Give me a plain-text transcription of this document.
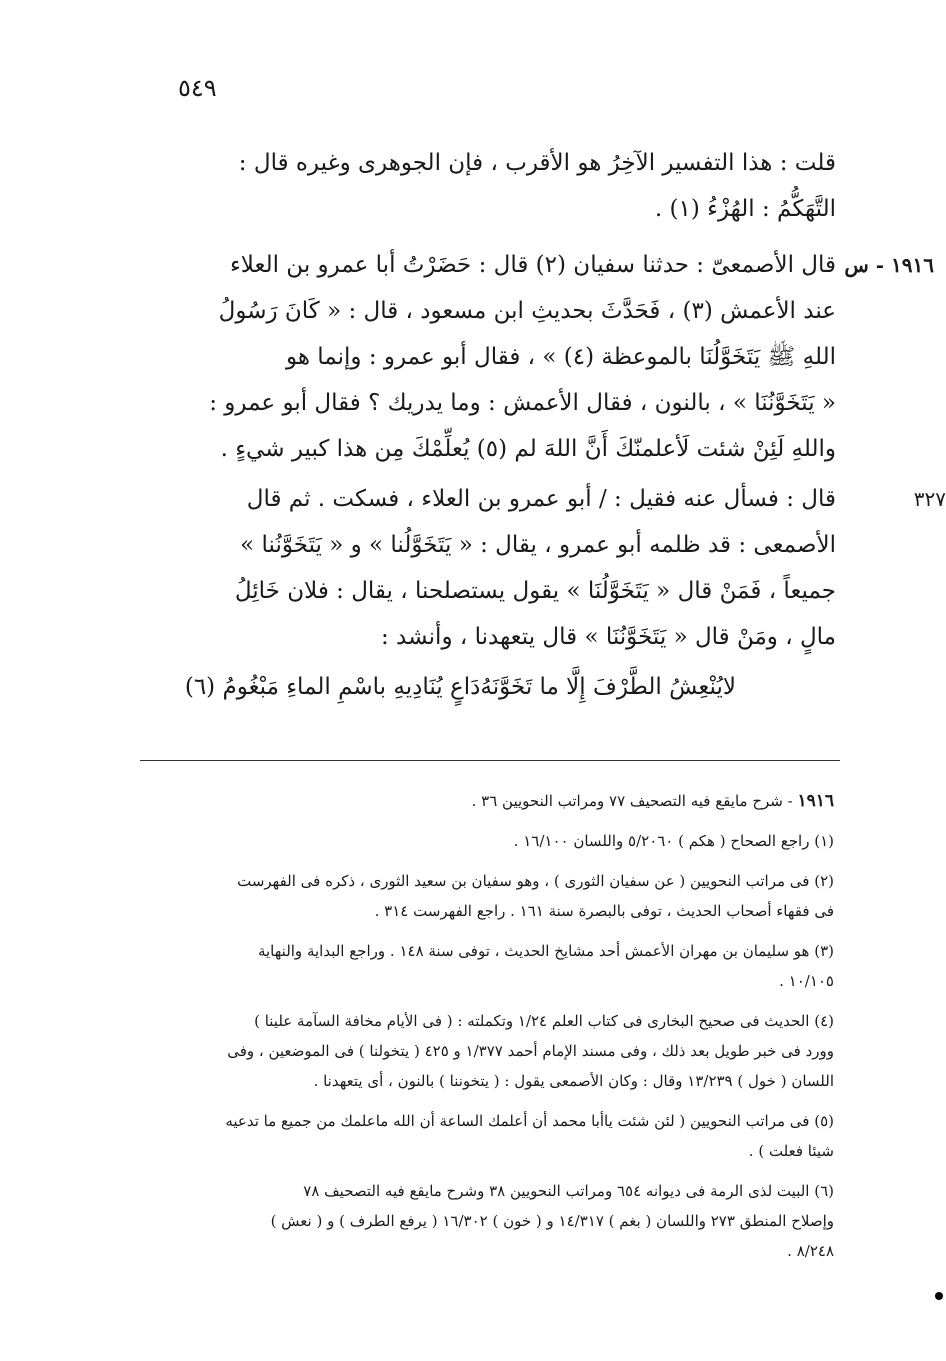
٥٤٩
قلت : هذا التفسير الآخِرُ هو الأقرب ، فإن الجوهرى وغيره قال :
التَّهَكُّمُ : الهُزْءُ (١) .
١٩١٦ - س
قال الأصمعىّ : حدثنا سفيان (٢) قال : حَضَرْتُ أبا عمرو بن العلاء
عند الأعمش (٣) ، فَحَدَّثَ بحديثِ ابن مسعود ، قال : « كَانَ رَسُولُ
اللهِ ﷺ يَتَخَوَّلُنَا بالموعظة (٤) » ، فقال أبو عمرو : وإنما هو
« يَتَخَوَّنُنَا » ، بالنون ، فقال الأعمش : وما يدريك ؟ فقال أبو عمرو :
واللهِ لَئِنْ شئت لَأعلمنّكَ أَنَّ اللهَ لم (٥) يُعلِّمْكَ مِن هذا كبير شيءٍ .
٣٢٧
قال : فسأل عنه فقيل : / أبو عمرو بن العلاء ، فسكت . ثم قال
الأصمعى : قد ظلمه أبو عمرو ، يقال : « يَتَخَوَّلُنا » و « يَتَخَوَّنُنا »
جميعاً ، فَمَنْ قال « يَتَخَوَّلُنَا » يقول يستصلحنا ، يقال : فلان خَائِلُ
مالٍ ، ومَنْ قال « يَتَخَوَّنُنَا » قال يتعهدنا ، وأنشد :
لايُنْعِشُ الطَّرْفَ إِلَّا ما تَخَوَّنَهُ
دَاعٍ يُنَادِيهِ باسْمِ الماءِ مَبْغُومُ (٦)
١٩١٦ - شرح مايقع فيه التصحيف ٧٧ ومراتب النحويين ٣٦ .
(١) راجع الصحاح ( هكم ) ٥/٢٠٦٠ واللسان ١٦/١٠٠ .
(٢) فى مراتب النحويين ( عن سفيان الثورى ) ، وهو سفيان بن سعيد الثورى ، ذكره فى الفهرست
فى فقهاء أصحاب الحديث ، توفى بالبصرة سنة ١٦١ . راجع الفهرست ٣١٤ .
(٣) هو سليمان بن مهران الأعمش أحد مشايخ الحديث ، توفى سنة ١٤٨ . وراجع البداية والنهاية
١٠/١٠٥ .
(٤) الحديث فى صحيح البخارى فى كتاب العلم ١/٢٤ وتكملته : ( فى الأيام مخافة السآمة علينا )
وورد فى خبر طويل بعد ذلك ، وفى مسند الإمام أحمد ١/٣٧٧ و ٤٢٥ ( يتخولنا ) فى الموضعين ، وفى
اللسان ( خول ) ١٣/٢٣٩ وقال : وكان الأصمعى يقول : ( يتخوننا ) بالنون ، أى يتعهدنا .
(٥) فى مراتب النحويين ( لئن شئت ياأبا محمد أن أعلمك الساعة أن الله ماعلمك من جميع ما تدعيه
شيئا فعلت ) .
(٦) البيت لذى الرمة فى ديوانه ٦٥٤ ومراتب النحويين ٣٨ وشرح مايقع فيه التصحيف ٧٨
وإصلاح المنطق ٢٧٣ واللسان ( بغم ) ١٤/٣١٧ و ( خون ) ١٦/٣٠٢ ( يرفع الطرف ) و ( نعش )
٨/٢٤٨ .
